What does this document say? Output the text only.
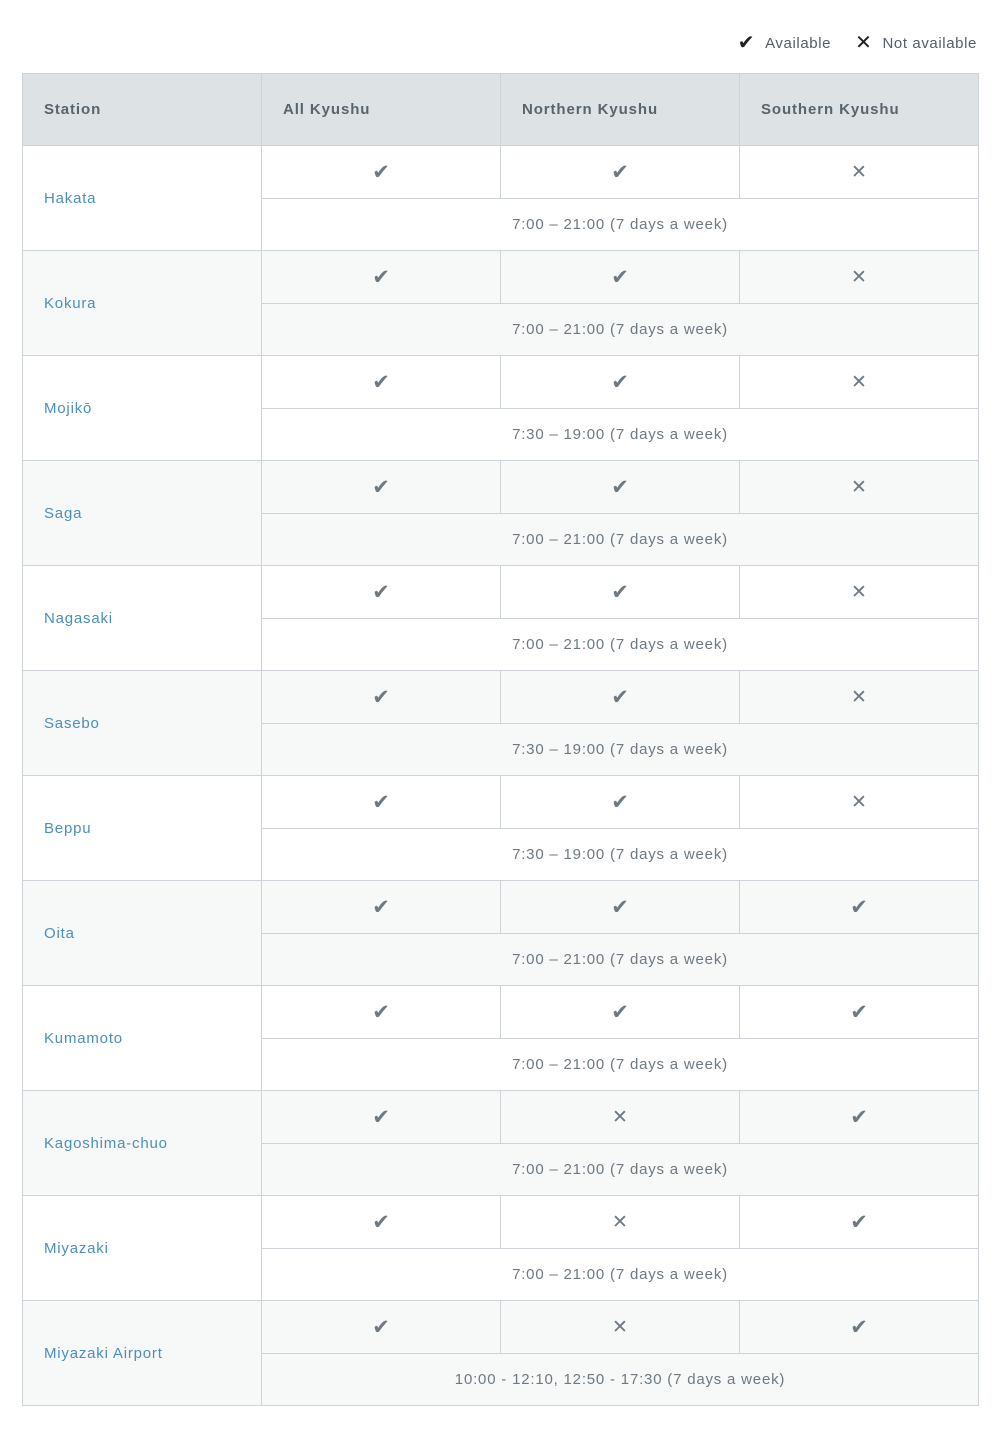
✔ Available ✕ Not available
Station	All Kyushu	Northern Kyushu	Southern Kyushu
Hakata	✔	✔	✕
	7:00 – 21:00 (7 days a week)		
Kokura	✔	✔	✕
	7:00 – 21:00 (7 days a week)		
Mojikō	✔	✔	✕
	7:30 – 19:00 (7 days a week)		
Saga	✔	✔	✕
	7:00 – 21:00 (7 days a week)		
Nagasaki	✔	✔	✕
	7:00 – 21:00 (7 days a week)		
Sasebo	✔	✔	✕
	7:30 – 19:00 (7 days a week)		
Beppu	✔	✔	✕
	7:30 – 19:00 (7 days a week)		
Oita	✔	✔	✔
	7:00 – 21:00 (7 days a week)		
Kumamoto	✔	✔	✔
	7:00 – 21:00 (7 days a week)		
Kagoshima-chuo	✔	✕	✔
	7:00 – 21:00 (7 days a week)		
Miyazaki	✔	✕	✔
	7:00 – 21:00 (7 days a week)		
Miyazaki Airport	✔	✕	✔
	10:00 - 12:10, 12:50 - 17:30 (7 days a week)		
